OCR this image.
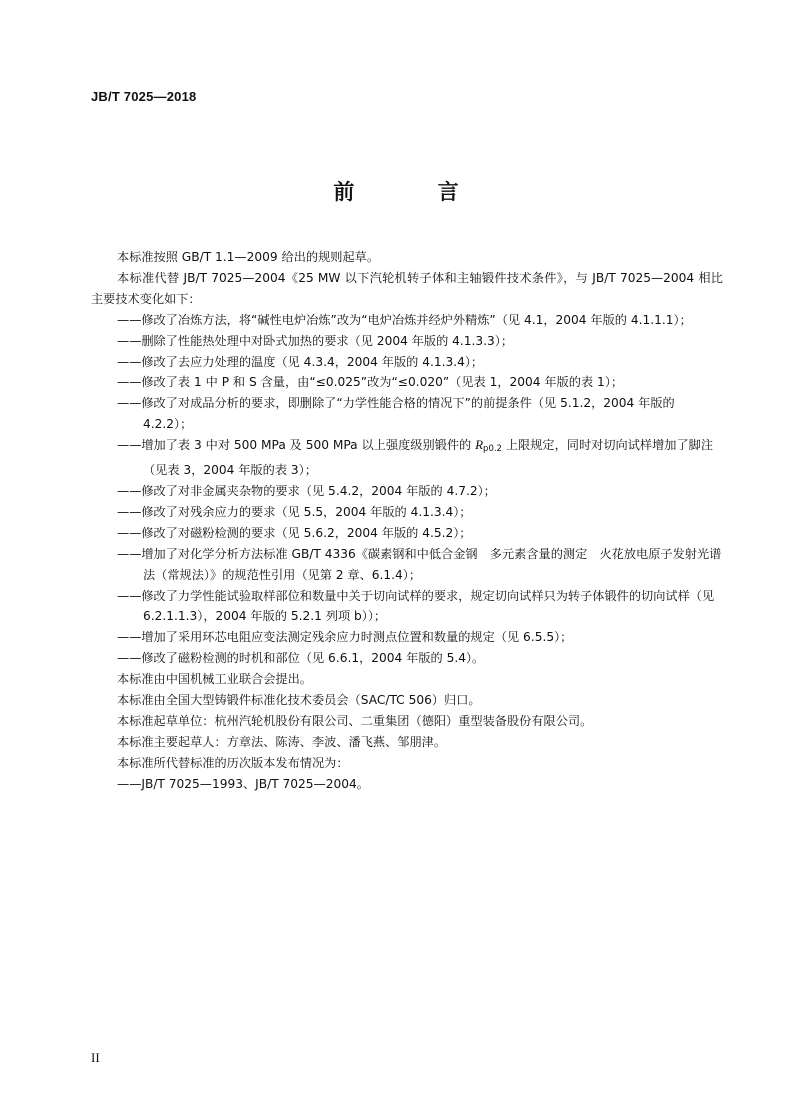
JB/T 7025—2018
前 言

本标准按照 GB/T 1.1—2009 给出的规则起草。

本标准代替 JB/T 7025—2004《25 MW 以下汽轮机转子体和主轴锻件技术条件》，与 JB/T 7025—2004 相比主要技术变化如下：

——修改了冶炼方法，将“碱性电炉冶炼”改为“电炉冶炼并经炉外精炼”（见 4.1，2004 年版的 4.1.1.1）；

——删除了性能热处理中对卧式加热的要求（见 2004 年版的 4.1.3.3）；

——修改了去应力处理的温度（见 4.3.4，2004 年版的 4.1.3.4）；

——修改了表 1 中 P 和 S 含量，由“≤0.025”改为“≤0.020”（见表 1，2004 年版的表 1）；

——修改了对成品分析的要求，即删除了“力学性能合格的情况下”的前提条件（见 5.1.2，2004 年版的 4.2.2）；

——增加了表 3 中对 500 MPa 及 500 MPa 以上强度级别锻件的 $R_{p0.2}$ 上限规定，同时对切向试样增加了脚注（见表 3，2004 年版的表 3）；

——修改了对非金属夹杂物的要求（见 5.4.2，2004 年版的 4.7.2）；

——修改了对残余应力的要求（见 5.5，2004 年版的 4.1.3.4）；

——修改了对磁粉检测的要求（见 5.6.2，2004 年版的 4.5.2）；

——增加了对化学分析方法标准 GB/T 4336《碳素钢和中低合金钢　多元素含量的测定　火花放电原子发射光谱法（常规法）》的规范性引用（见第 2 章、6.1.4）；

——修改了力学性能试验取样部位和数量中关于切向试样的要求，规定切向试样只为转子体锻件的切向试样（见 6.2.1.1.3），2004 年版的 5.2.1 列项 b））；

——增加了采用环芯电阻应变法测定残余应力时测点位置和数量的规定（见 6.5.5）；

——修改了磁粉检测的时机和部位（见 6.6.1，2004 年版的 5.4）。

本标准由中国机械工业联合会提出。

本标准由全国大型铸锻件标准化技术委员会（SAC/TC 506）归口。

本标准起草单位：杭州汽轮机股份有限公司、二重集团（德阳）重型装备股份有限公司。

本标准主要起草人：方章法、陈涛、李波、潘飞燕、邹朋津。

本标准所代替标准的历次版本发布情况为：

——JB/T 7025—1993、JB/T 7025—2004。

II
